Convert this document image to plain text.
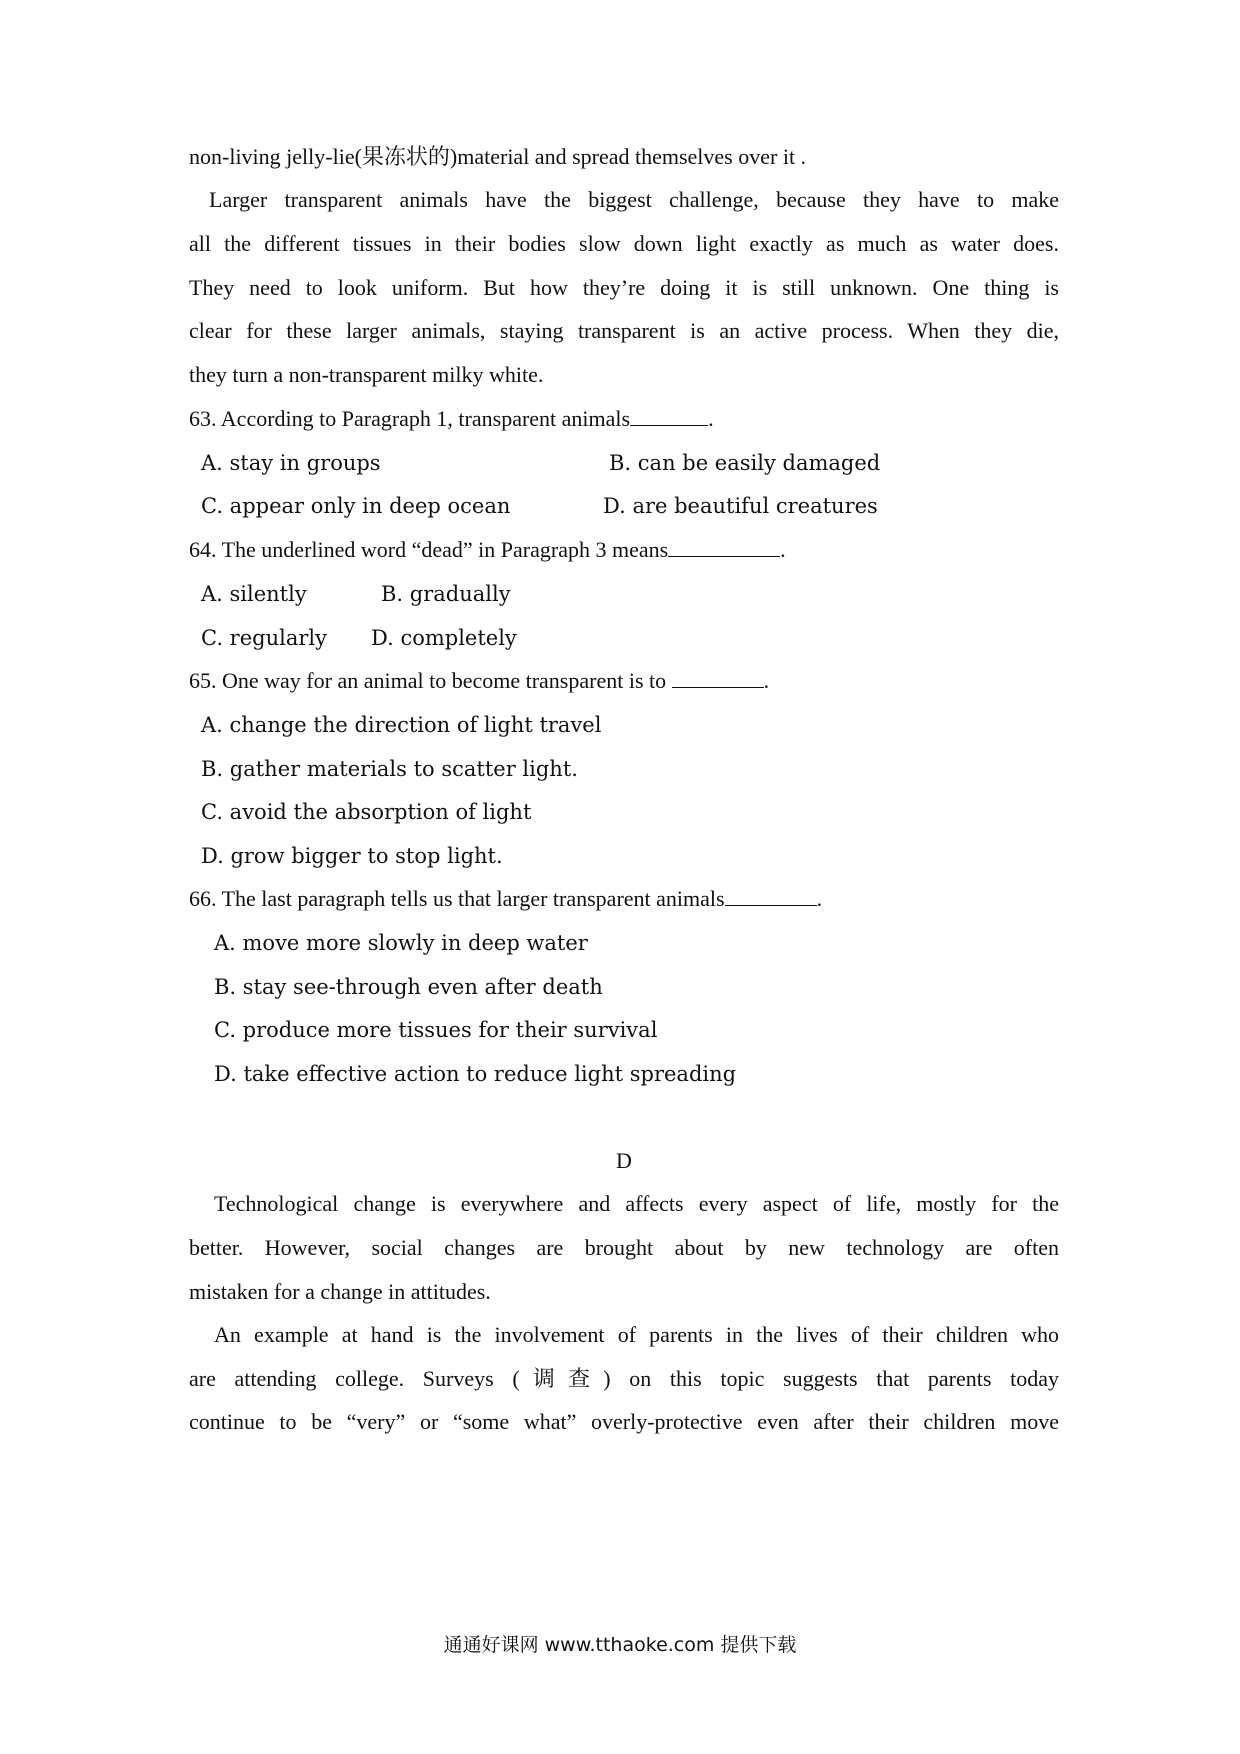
non-living jelly-lie(果冻状的)material and spread themselves over it .

Larger transparent animals have the biggest challenge, because they have to make

all the different tissues in their bodies slow down light exactly as much as water does.

They need to look uniform. But how they’re doing it is still unknown. One thing is

clear for these larger animals, staying transparent is an active process. When they die,

they turn a non-transparent milky white.

63. According to Paragraph 1, transparent animals	.

A. stay in groups	B. can be easily damaged

C. appear only in deep ocean	D. are beautiful creatures

64. The underlined word “dead” in Paragraph 3 means	.

A. silently	B. gradually

C. regularly	D. completely

65. One way for an animal to become transparent is to	.

A. change the direction of light travel

B. gather materials to scatter light.

C. avoid the absorption of light

D. grow bigger to stop light.

66. The last paragraph tells us that larger transparent animals	.

A. move more slowly in deep water

B. stay see-through even after death

C. produce more tissues for their survival

D. take effective action to reduce light spreading

D

Technological change is everywhere and affects every aspect of life, mostly for the

better. However, social changes are brought about by new technology are often

mistaken for a change in attitudes.

An example at hand is the involvement of parents in the lives of their children who

are attending college. Surveys (调查) on this topic suggests that parents today

continue to be “very” or “some what” overly-protective even after their children move

通通好课网 www.tthaoke.com 提供下载
